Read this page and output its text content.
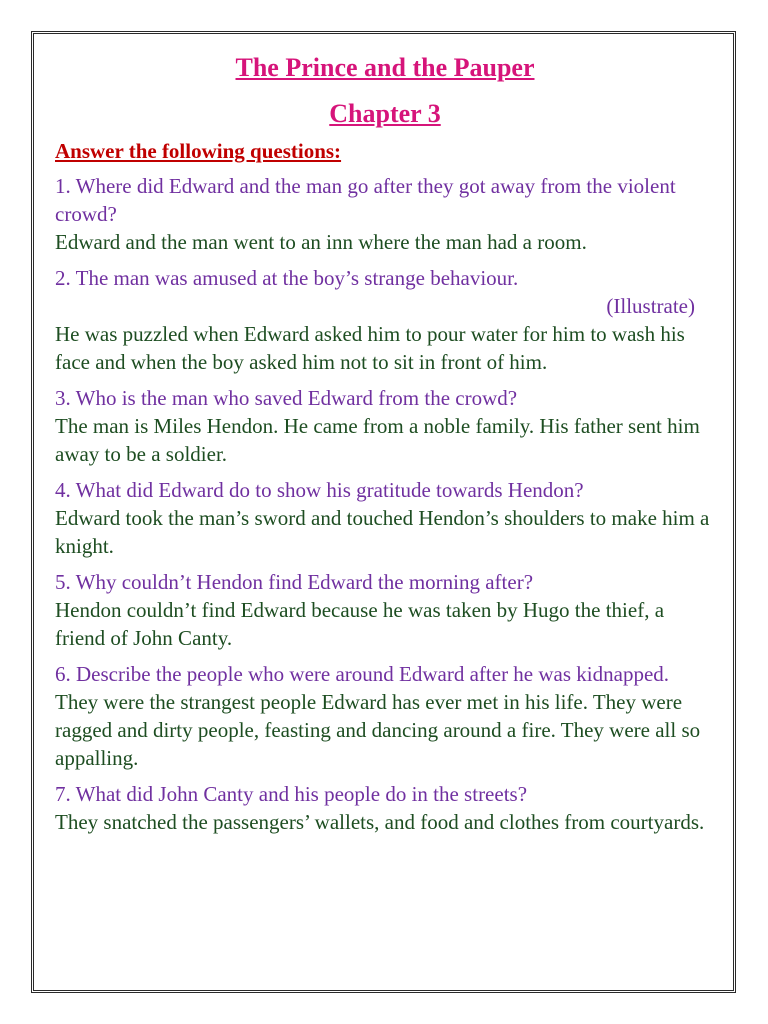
The Prince and the Pauper

Chapter 3

Answer the following questions:

1. Where did Edward and the man go after they got away from the violent crowd?

Edward and the man went to an inn where the man had a room.

2. The man was amused at the boy’s strange behaviour.

(Illustrate)

He was puzzled when Edward asked him to pour water for him to wash his face and when the boy asked him not to sit in front of him.

3. Who is the man who saved Edward from the crowd?

The man is Miles Hendon. He came from a noble family. His father sent him away to be a soldier.

4. What did Edward do to show his gratitude towards Hendon?

Edward took the man’s sword and touched Hendon’s shoulders to make him a knight.

5. Why couldn’t Hendon find Edward the morning after?

Hendon couldn’t find Edward because he was taken by Hugo the thief, a friend of John Canty.

6. Describe the people who were around Edward after he was kidnapped.

They were the strangest people Edward has ever met in his life. They were ragged and dirty people, feasting and dancing around a fire. They were all so appalling.

7. What did John Canty and his people do in the streets?

They snatched the passengers’ wallets, and food and clothes from courtyards.
